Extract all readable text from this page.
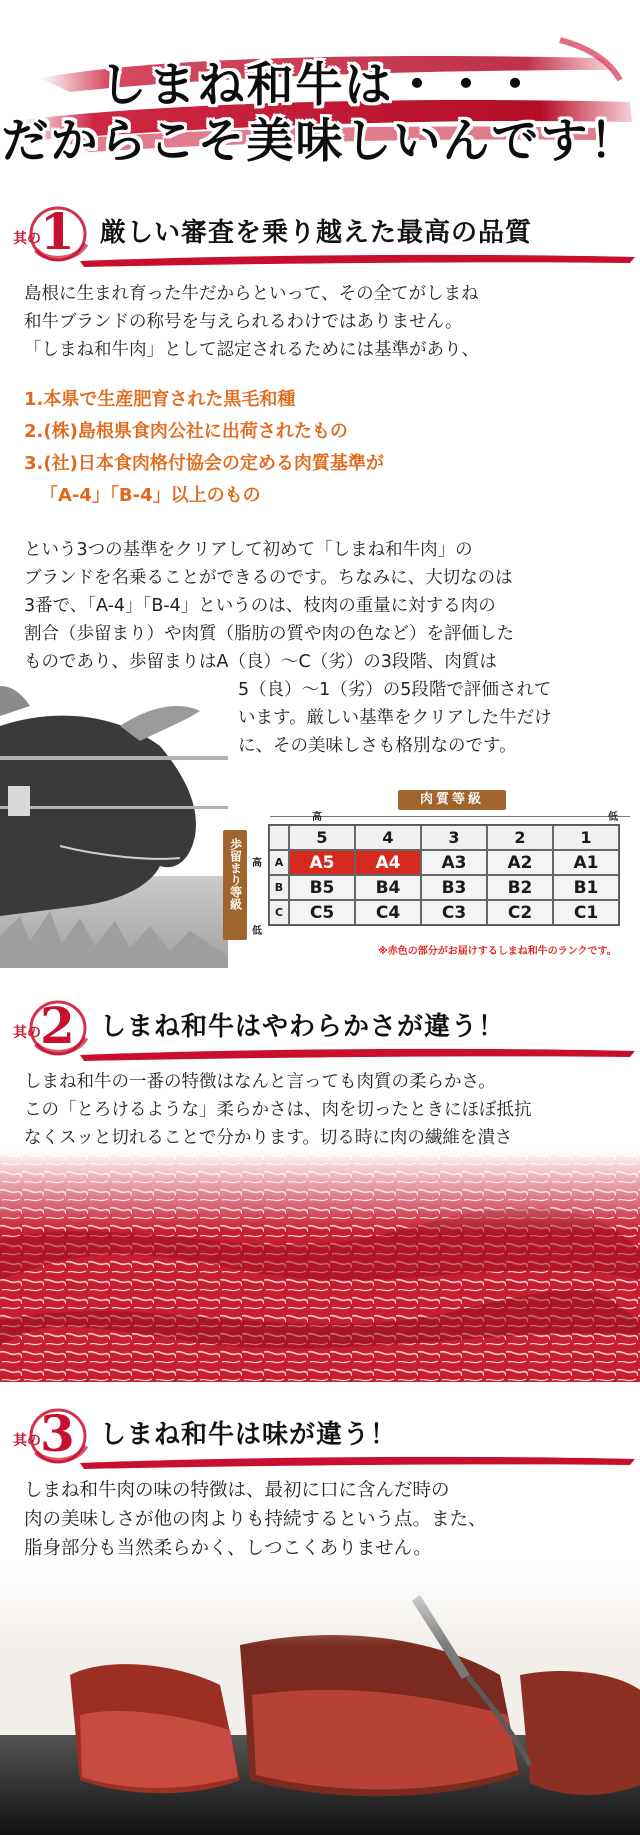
しまね和牛は・・・
だからこそ美味しいんです！
其の 1 厳しい審査を乗り越えた最高の品質
島根に生まれ育った牛だからといって、その全てがしまね
和牛ブランドの称号を与えられるわけではありません。
「しまね和牛肉」として認定されるためには基準があり、
1.本県で生産肥育された黒毛和種
2.(株)島根県食肉公社に出荷されたもの
3.(社)日本食肉格付協会の定める肉質基準が
「A-4」「B-4」以上のもの
という3つの基準をクリアして初めて「しまね和牛肉」の
ブランドを名乗ることができるのです。ちなみに、大切なのは
3番で、「A-4」「B-4」というのは、枝肉の重量に対する肉の
割合（歩留まり）や肉質（脂肪の質や肉の色など）を評価した
ものであり、歩留まりはA（良）～C（劣）の3段階、肉質は
5（良）～1（劣）の5段階で評価されて
います。厳しい基準をクリアした牛だけ
に、その美味しさも格別なのです。
肉質等級
高	低
歩留まり等級 高
低
	5	4	3	2	1
A	A5	A4	A3	A2	A1
B	B5	B4	B3	B2	B1
C	C5	C4	C3	C2	C1
※赤色の部分がお届けするしまね和牛のランクです。
其の 2 しまね和牛はやわらかさが違う！
しまね和牛の一番の特徴はなんと言っても肉質の柔らかさ。
この「とろけるような」柔らかさは、肉を切ったときにほぼ抵抗
なくスッと切れることで分かります。切る時に肉の繊維を潰さ
其の 3 しまね和牛は味が違う！
しまね和牛肉の味の特徴は、最初に口に含んだ時の
肉の美味しさが他の肉よりも持続するという点。また、
脂身部分も当然柔らかく、しつこくありません。
